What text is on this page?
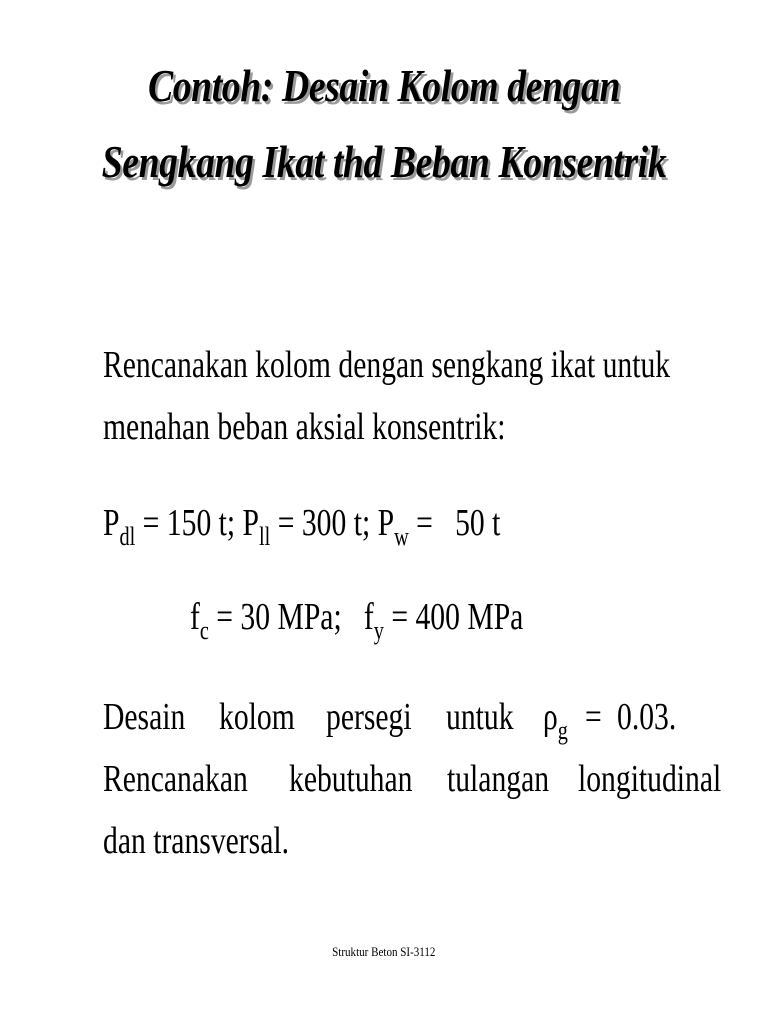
Contoh: Desain Kolom dengan
Sengkang Ikat thd Beban Konsentrik
Rencanakan kolom dengan sengkang ikat untuk
menahan beban aksial konsentrik:
$P_{dl} = 150$ t; $P_{ll} = 300$ t; $P_w = 50$ t
$f_c = 30$ MPa;   $f_y = 400$ MPa
Desain kolom persegi untuk $\rho_g = 0.03$.
Rencanakan kebutuhan tulangan longitudinal
dan transversal.
Struktur Beton SI-3112
